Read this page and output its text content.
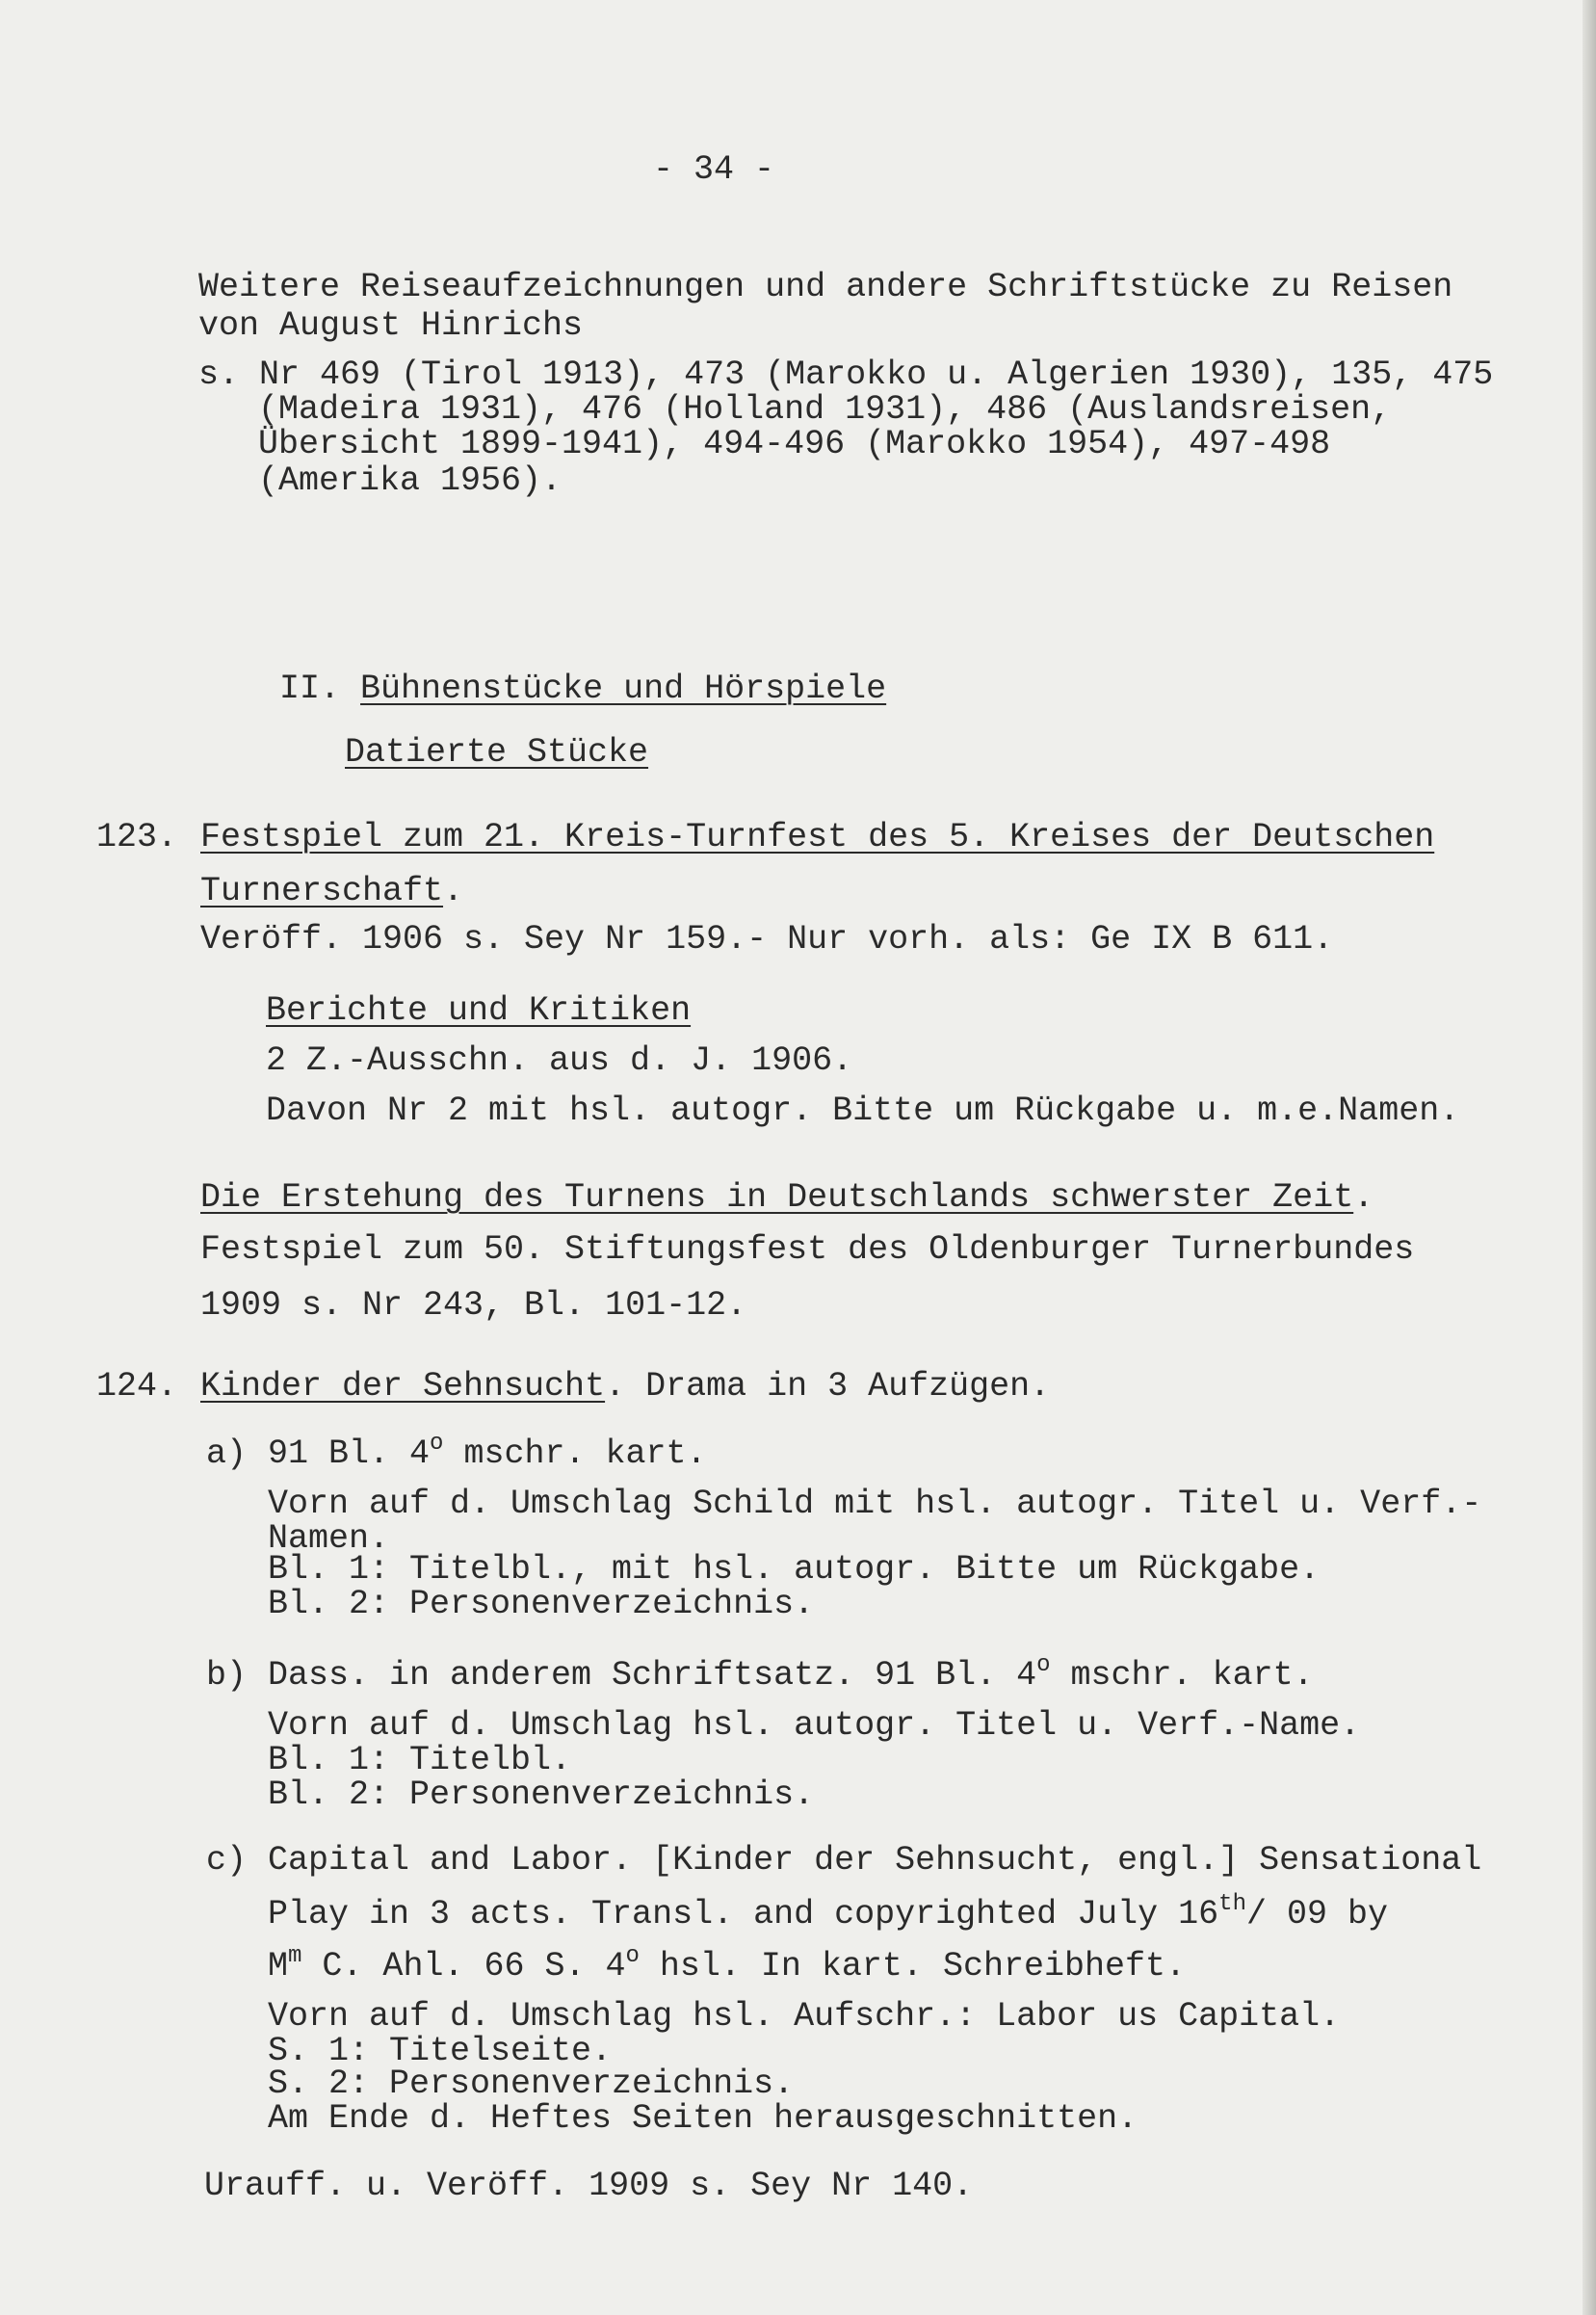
- 34 -
Weitere Reiseaufzeichnungen und andere Schriftstücke zu Reisen
von August Hinrichs
s. Nr 469 (Tirol 1913), 473 (Marokko u. Algerien 1930), 135, 475
(Madeira 1931), 476 (Holland 1931), 486 (Auslandsreisen,
Übersicht 1899-1941), 494-496 (Marokko 1954), 497-498
(Amerika 1956).

II. Bühnenstücke und Hörspiele

Datierte Stücke
123. Festspiel zum 21. Kreis-Turnfest des 5. Kreises der Deutschen
Turnerschaft.
Veröff. 1906 s. Sey Nr 159.- Nur vorh. als: Ge IX B 611.
Berichte und Kritiken
2 Z.-Ausschn. aus d. J. 1906.
Davon Nr 2 mit hsl. autogr. Bitte um Rückgabe u. m.e.Namen.
Die Erstehung des Turnens in Deutschlands schwerster Zeit.
Festspiel zum 50. Stiftungsfest des Oldenburger Turnerbundes
1909 s. Nr 243, Bl. 101-12.
124. Kinder der Sehnsucht. Drama in 3 Aufzügen.
a) 91 Bl. 4$^o$ mschr. kart.
Vorn auf d. Umschlag Schild mit hsl. autogr. Titel u. Verf.-
Namen.
Bl. 1: Titelbl., mit hsl. autogr. Bitte um Rückgabe.
Bl. 2: Personenverzeichnis.
b) Dass. in anderem Schriftsatz. 91 Bl. 4$^o$ mschr. kart.
Vorn auf d. Umschlag hsl. autogr. Titel u. Verf.-Name.
Bl. 1: Titelbl.
Bl. 2: Personenverzeichnis.
c) Capital and Labor. [Kinder der Sehnsucht, engl.] Sensational
Play in 3 acts. Transl. and copyrighted July 16th/ 09 by
$M^m$ C. Ahl. 66 S. 4$^o$ hsl. In kart. Schreibheft.
Vorn auf d. Umschlag hsl. Aufschr.: Labor us Capital.
S. 1: Titelseite.
S. 2: Personenverzeichnis.
Am Ende d. Heftes Seiten herausgeschnitten.
Urauff. u. Veröff. 1909 s. Sey Nr 140.
